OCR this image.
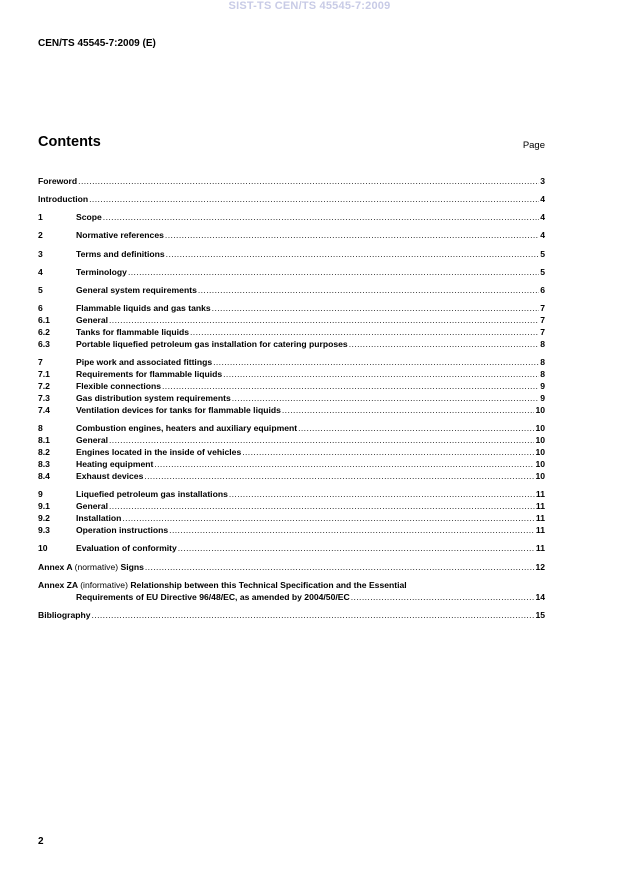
SIST-TS CEN/TS 45545-7:2009
CEN/TS 45545-7:2009 (E)
Contents	Page
Foreword .....	3
Introduction .....	4
1	Scope .....	4
2	Normative references .....	4
3	Terms and definitions .....	5
4	Terminology .....	5
5	General system requirements .....	6
6	Flammable liquids and gas tanks .....	7
6.1	General .....	7
6.2	Tanks for flammable liquids .....	7
6.3	Portable liquefied petroleum gas installation for catering purposes .....	8
7	Pipe work and associated fittings .....	8
7.1	Requirements for flammable liquids .....	8
7.2	Flexible connections .....	9
7.3	Gas distribution system requirements .....	9
7.4	Ventilation devices for tanks for flammable liquids .....	10
8	Combustion engines, heaters and auxiliary equipment .....	10
8.1	General .....	10
8.2	Engines located in the inside of vehicles .....	10
8.3	Heating equipment .....	10
8.4	Exhaust devices .....	10
9	Liquefied petroleum gas installations .....	11
9.1	General .....	11
9.2	Installation .....	11
9.3	Operation instructions .....	11
10	Evaluation of conformity .....	11
Annex A (normative) Signs .....	12
Annex ZA (informative) Relationship between this Technical Specification and the Essential
Requirements of EU Directive 96/48/EC, as amended by 2004/50/EC .....	14
Bibliography .....	15
2
